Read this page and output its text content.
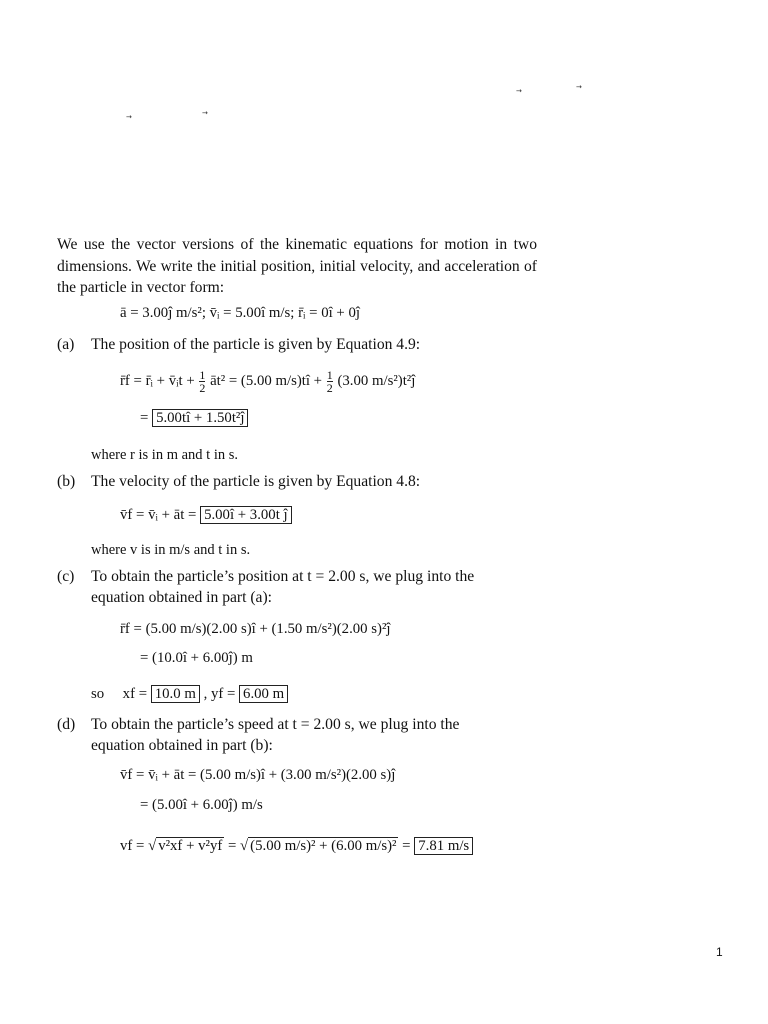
→	→
→	→
We use the vector versions of the kinematic equations for motion in two dimensions. We write the initial position, initial velocity, and acceleration of the particle in vector form:
ā = 3.00ĵ m/s²; v̄ᵢ = 5.00î m/s; r̄ᵢ = 0î + 0ĵ
(a) The position of the particle is given by Equation 4.9:
r̄f = r̄ᵢ + v̄ᵢt + $\frac{1}{2}$ āt² = (5.00 m/s)tî + $\frac{1}{2} (3.00$ m/s²)t²ĵ
= 5.00tî + 1.50t²ĵ
where r is in m and t in s.
(b) The velocity of the particle is given by Equation 4.8:
v̄f = v̄ᵢ + āt = 5.00î + 3.00t ĵ
where v is in m/s and t in s.
(c) To obtain the particle’s position at t = 2.00 s, we plug into the
equation obtained in part (a):
r̄f = (5.00 m/s)(2.00 s)î + (1.50 m/s²)(2.00 s)²ĵ
= (10.0î + 6.00ĵ) m
so xf = 10.0 m , yf = 6.00 m
(d) To obtain the particle’s speed at t = 2.00 s, we plug into the
equation obtained in part (b):
v̄f = v̄ᵢ + āt = (5.00 m/s)î + (3.00 m/s²)(2.00 s)ĵ
= (5.00î + 6.00ĵ) m/s
vf = √ v²xf + v²yf = √ (5.00 m/s)² + (6.00 m/s)² = 7.81 m/s
1
